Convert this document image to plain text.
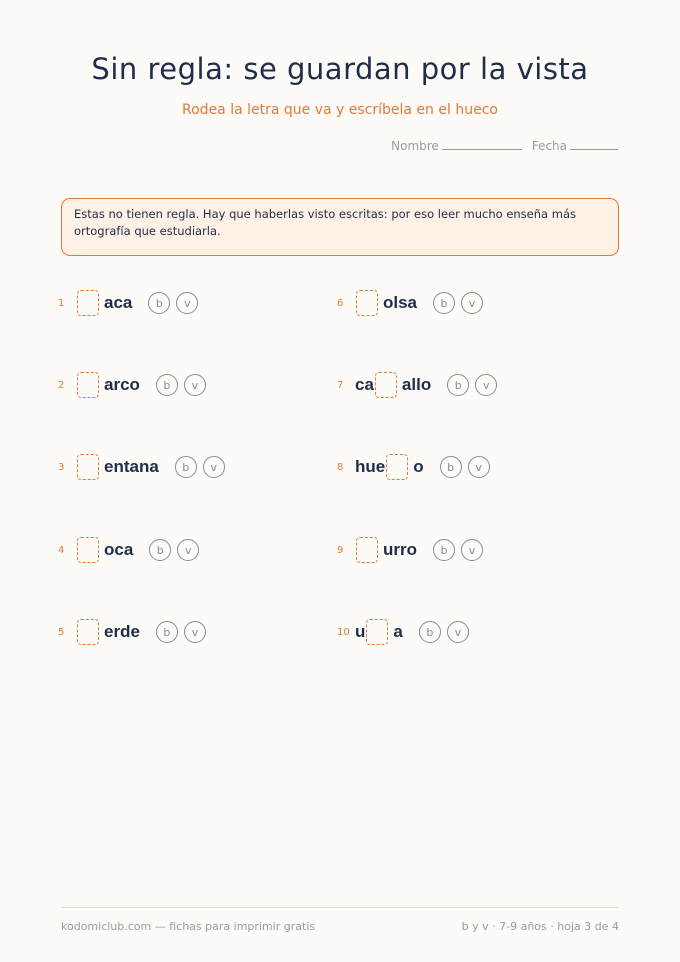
Sin regla: se guardan por la vista
Rodea la letra que va y escríbela en el hueco
Nombre	Fecha
Estas no tienen regla. Hay que haberlas visto escritas: por eso leer mucho enseña más ortografía que estudiarla.
1	aca	b	v
2	arco	b	v
3	entana	b	v
4	oca	b	v
5	erde	b	v
6	olsa	b	v
7 ca allo	b	v
8 hue o	b	v
9	urro	b	v
10 u a	b	v
kodomiclub.com — fichas para imprimir gratis	b y v · 7-9 años · hoja 3 de 4
